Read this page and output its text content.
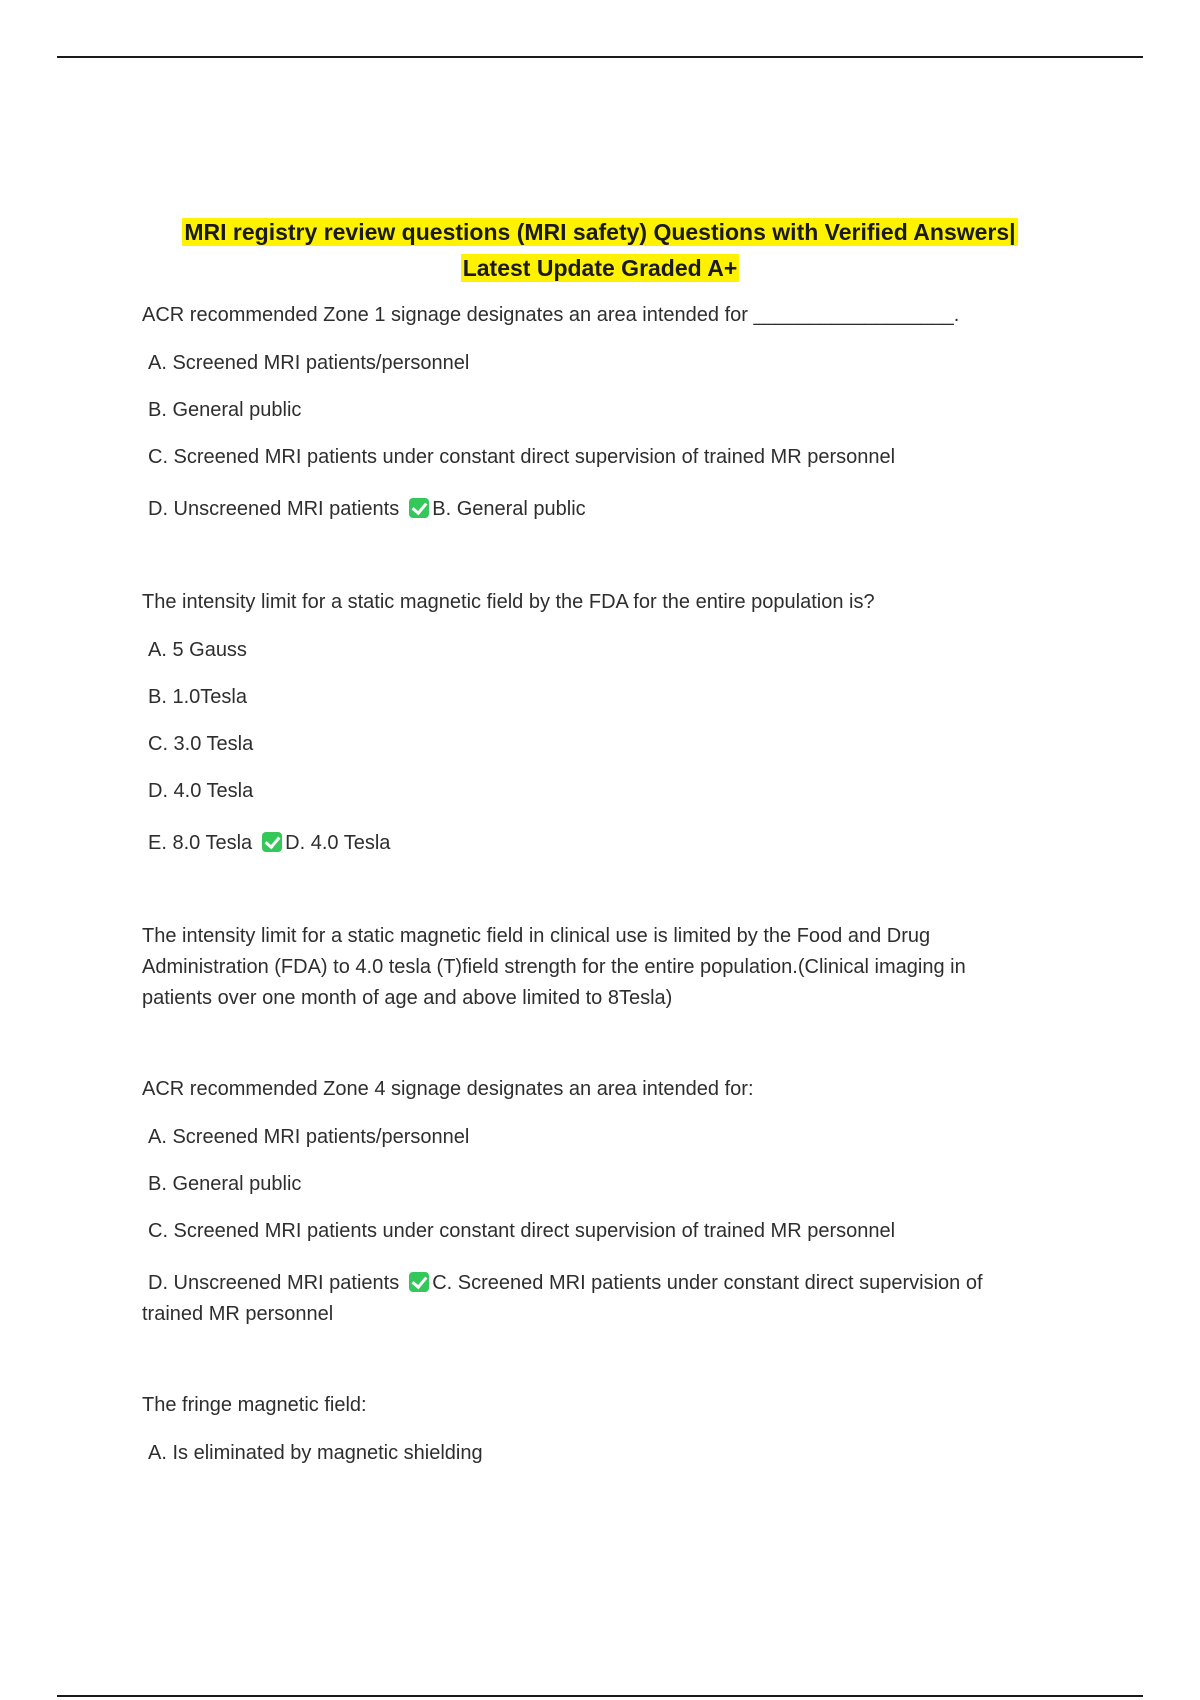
MRI registry review questions (MRI safety) Questions with Verified Answers|
Latest Update Graded A+

ACR recommended Zone 1 signage designates an area intended for __________________.

A. Screened MRI patients/personnel

B. General public

C. Screened MRI patients under constant direct supervision of trained MR personnel

D. Unscreened MRI patients B. General public

The intensity limit for a static magnetic field by the FDA for the entire population is?

A. 5 Gauss

B. 1.0Tesla

C. 3.0 Tesla

D. 4.0 Tesla

E. 8.0 Tesla D. 4.0 Tesla

The intensity limit for a static magnetic field in clinical use is limited by the Food and Drug

Administration (FDA) to 4.0 tesla (T)field strength for the entire population.(Clinical imaging in

patients over one month of age and above limited to 8Tesla)

ACR recommended Zone 4 signage designates an area intended for:

A. Screened MRI patients/personnel

B. General public

C. Screened MRI patients under constant direct supervision of trained MR personnel

D. Unscreened MRI patients C. Screened MRI patients under constant direct supervision of
trained MR personnel

The fringe magnetic field:

A. Is eliminated by magnetic shielding
